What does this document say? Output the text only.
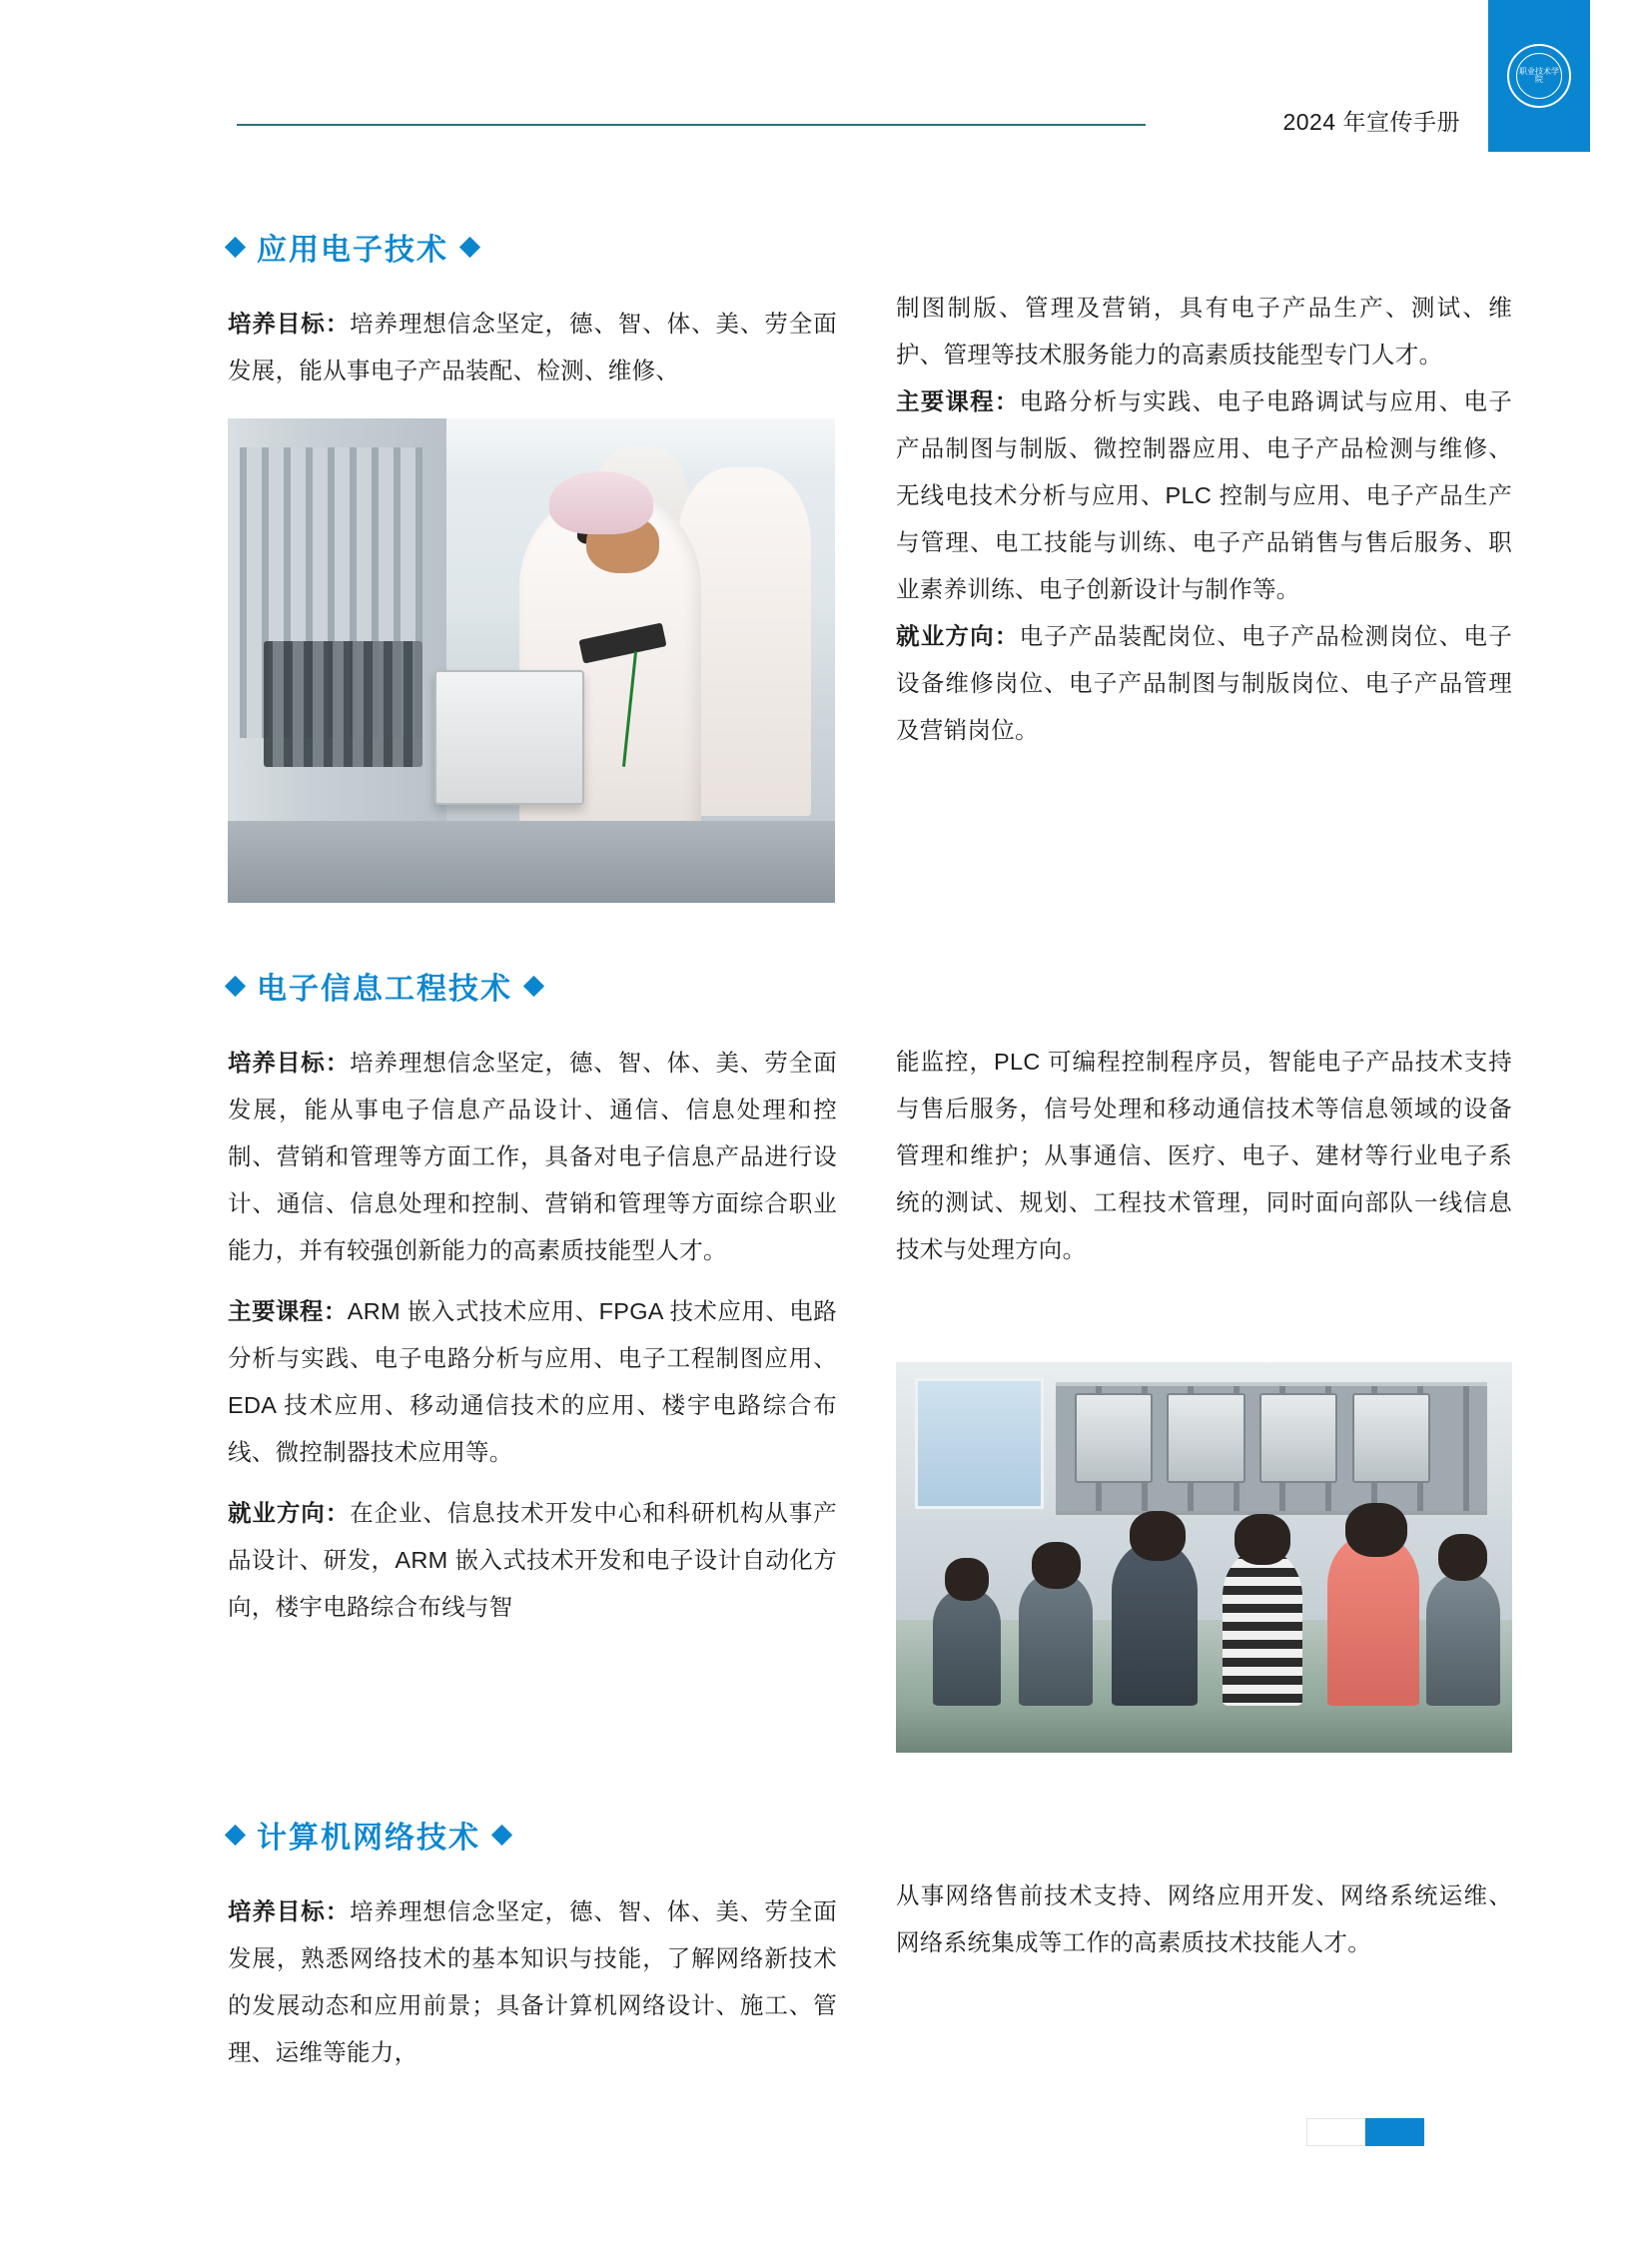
职业技术学院
2024 年宣传手册
应用电子技术
培养目标：培养理想信念坚定，德、智、体、美、劳全面发展，能从事电子产品装配、检测、维修、
制图制版、管理及营销，具有电子产品生产、测试、维护、管理等技术服务能力的高素质技能型专门人才。
主要课程：电路分析与实践、电子电路调试与应用、电子产品制图与制版、微控制器应用、电子产品检测与维修、无线电技术分析与应用、PLC 控制与应用、电子产品生产与管理、电工技能与训练、电子产品销售与售后服务、职业素养训练、电子创新设计与制作等。
就业方向：电子产品装配岗位、电子产品检测岗位、电子设备维修岗位、电子产品制图与制版岗位、电子产品管理及营销岗位。
电子信息工程技术
培养目标：培养理想信念坚定，德、智、体、美、劳全面发展，能从事电子信息产品设计、通信、信息处理和控制、营销和管理等方面工作，具备对电子信息产品进行设计、通信、信息处理和控制、营销和管理等方面综合职业能力，并有较强创新能力的高素质技能型人才。
主要课程：ARM 嵌入式技术应用、FPGA 技术应用、电路分析与实践、电子电路分析与应用、电子工程制图应用、EDA 技术应用、移动通信技术的应用、楼宇电路综合布线、微控制器技术应用等。
就业方向：在企业、信息技术开发中心和科研机构从事产品设计、研发，ARM 嵌入式技术开发和电子设计自动化方向，楼宇电路综合布线与智
能监控，PLC 可编程控制程序员，智能电子产品技术支持与售后服务，信号处理和移动通信技术等信息领域的设备管理和维护；从事通信、医疗、电子、建材等行业电子系统的测试、规划、工程技术管理，同时面向部队一线信息技术与处理方向。
计算机网络技术
培养目标：培养理想信念坚定，德、智、体、美、劳全面发展，熟悉网络技术的基本知识与技能，了解网络新技术的发展动态和应用前景；具备计算机网络设计、施工、管理、运维等能力，
从事网络售前技术支持、网络应用开发、网络系统运维、网络系统集成等工作的高素质技术技能人才。
